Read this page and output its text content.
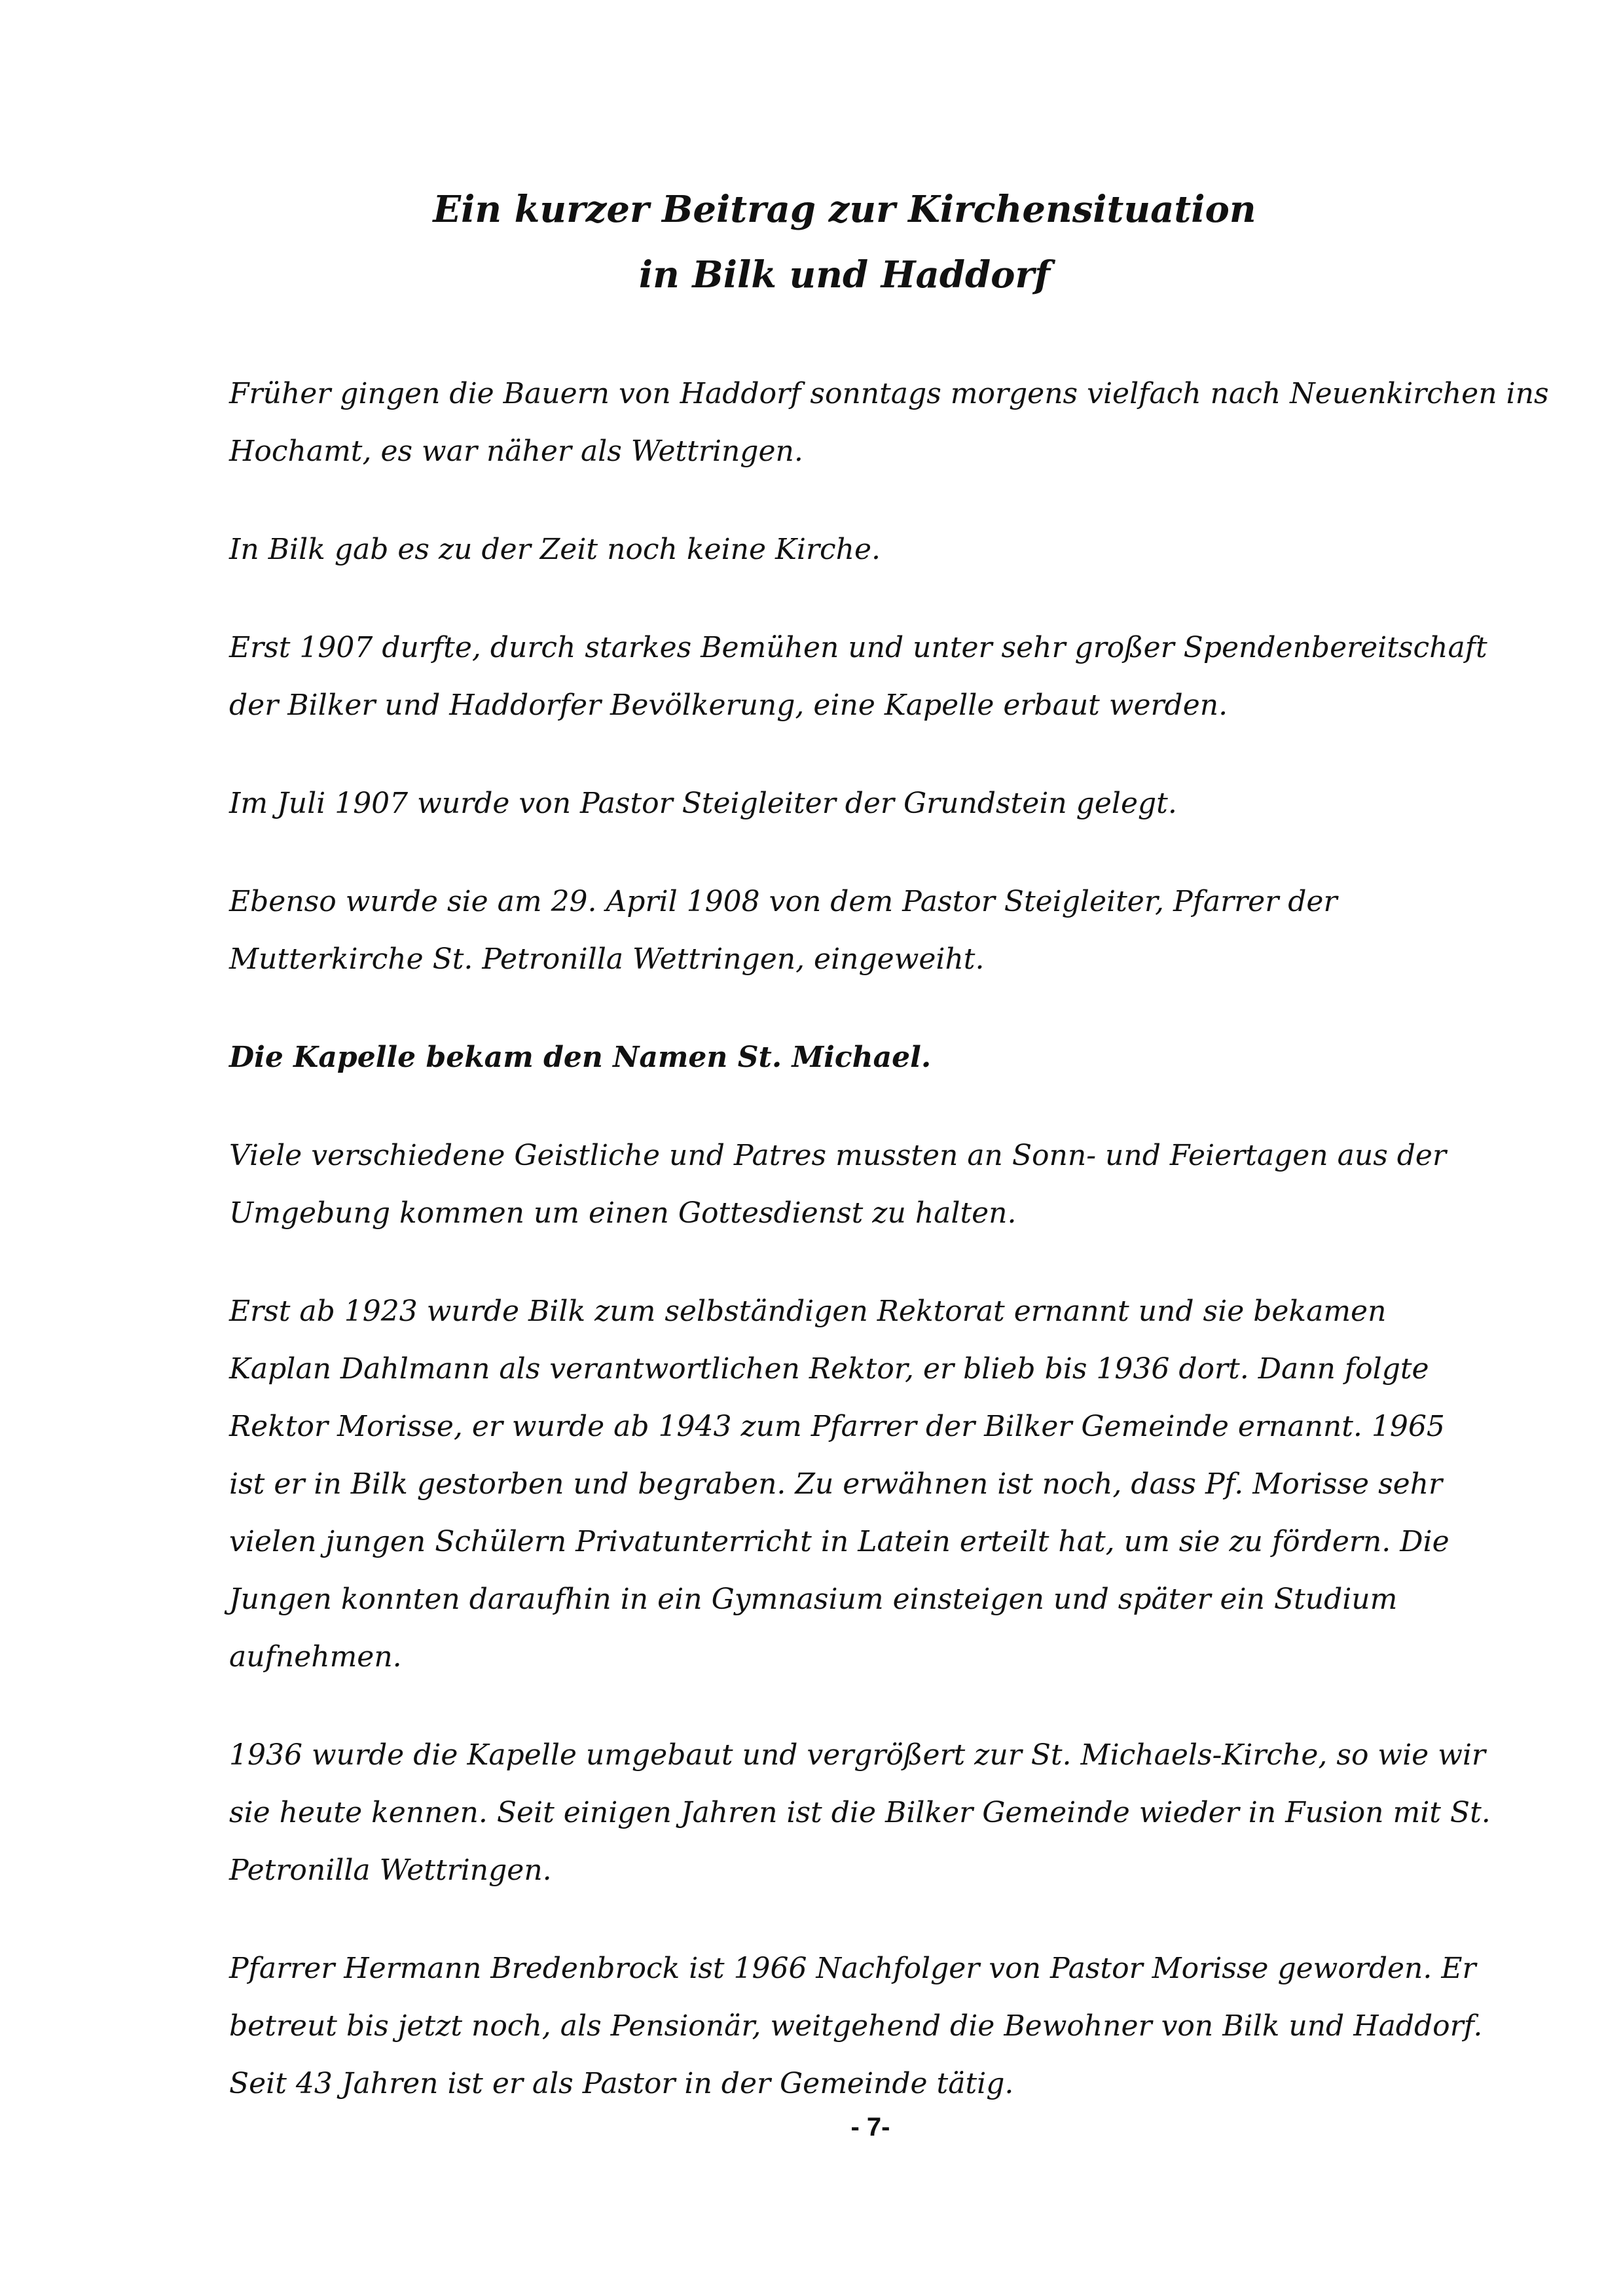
Ein kurzer Beitrag zur Kirchensituation
in Bilk und Haddorf
Früher gingen die Bauern von Haddorf sonntags morgens vielfach nach Neuenkirchen ins
Hochamt, es war näher als Wettringen.
In Bilk gab es zu der Zeit noch keine Kirche.
Erst 1907 durfte, durch starkes Bemühen und unter sehr großer Spendenbereitschaft
der Bilker und Haddorfer Bevölkerung, eine Kapelle erbaut werden.
Im Juli 1907 wurde von Pastor Steigleiter der Grundstein gelegt.
Ebenso wurde sie am 29. April 1908 von dem Pastor Steigleiter, Pfarrer der
Mutterkirche St. Petronilla Wettringen, eingeweiht.
Die Kapelle bekam den Namen St. Michael.
Viele verschiedene Geistliche und Patres mussten an Sonn- und Feiertagen aus der
Umgebung kommen um einen Gottesdienst zu halten.
Erst ab 1923 wurde Bilk zum selbständigen Rektorat ernannt und sie bekamen
Kaplan Dahlmann als verantwortlichen Rektor, er blieb bis 1936 dort. Dann folgte
Rektor Morisse, er wurde ab 1943 zum Pfarrer der Bilker Gemeinde ernannt. 1965
ist er in Bilk gestorben und begraben. Zu erwähnen ist noch, dass Pf. Morisse sehr
vielen jungen Schülern Privatunterricht in Latein erteilt hat, um sie zu fördern. Die
Jungen konnten daraufhin in ein Gymnasium einsteigen und später ein Studium
aufnehmen.
1936 wurde die Kapelle umgebaut und vergrößert zur St. Michaels-Kirche, so wie wir
sie heute kennen. Seit einigen Jahren ist die Bilker Gemeinde wieder in Fusion mit St.
Petronilla Wettringen.
Pfarrer Hermann Bredenbrock ist 1966 Nachfolger von Pastor Morisse geworden. Er
betreut bis jetzt noch, als Pensionär, weitgehend die Bewohner von Bilk und Haddorf.
Seit 43 Jahren ist er als Pastor in der Gemeinde tätig.
- 7-
